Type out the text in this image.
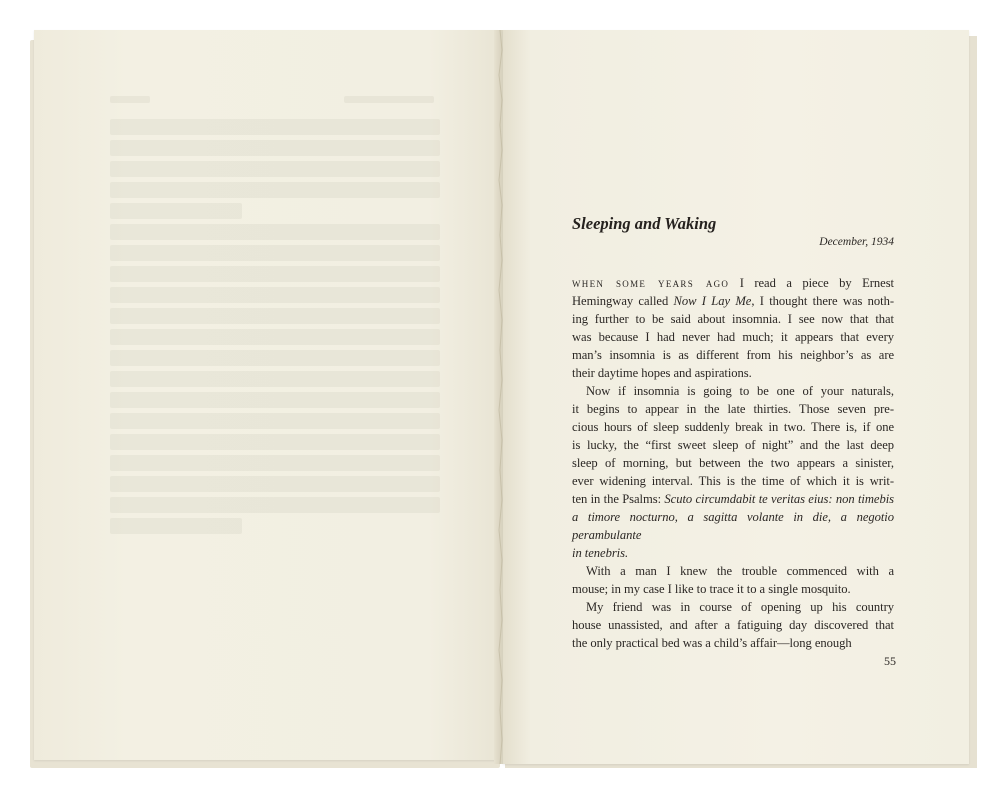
Sleeping and Waking
December, 1934
when some years ago I read a piece by Ernest
Hemingway called Now I Lay Me, I thought there was noth-
ing further to be said about insomnia. I see now that that
was because I had never had much; it appears that every
man’s insomnia is as different from his neighbor’s as are
their daytime hopes and aspirations.
Now if insomnia is going to be one of your naturals,
it begins to appear in the late thirties. Those seven pre-
cious hours of sleep suddenly break in two. There is, if one
is lucky, the “first sweet sleep of night” and the last deep
sleep of morning, but between the two appears a sinister,
ever widening interval. This is the time of which it is writ-
ten in the Psalms: Scuto circumdabit te veritas eius: non timebis
a timore nocturno, a sagitta volante in die, a negotio perambulante
in tenebris.
With a man I knew the trouble commenced with a
mouse; in my case I like to trace it to a single mosquito.
My friend was in course of opening up his country
house unassisted, and after a fatiguing day discovered that
the only practical bed was a child’s affair—long enough
55
